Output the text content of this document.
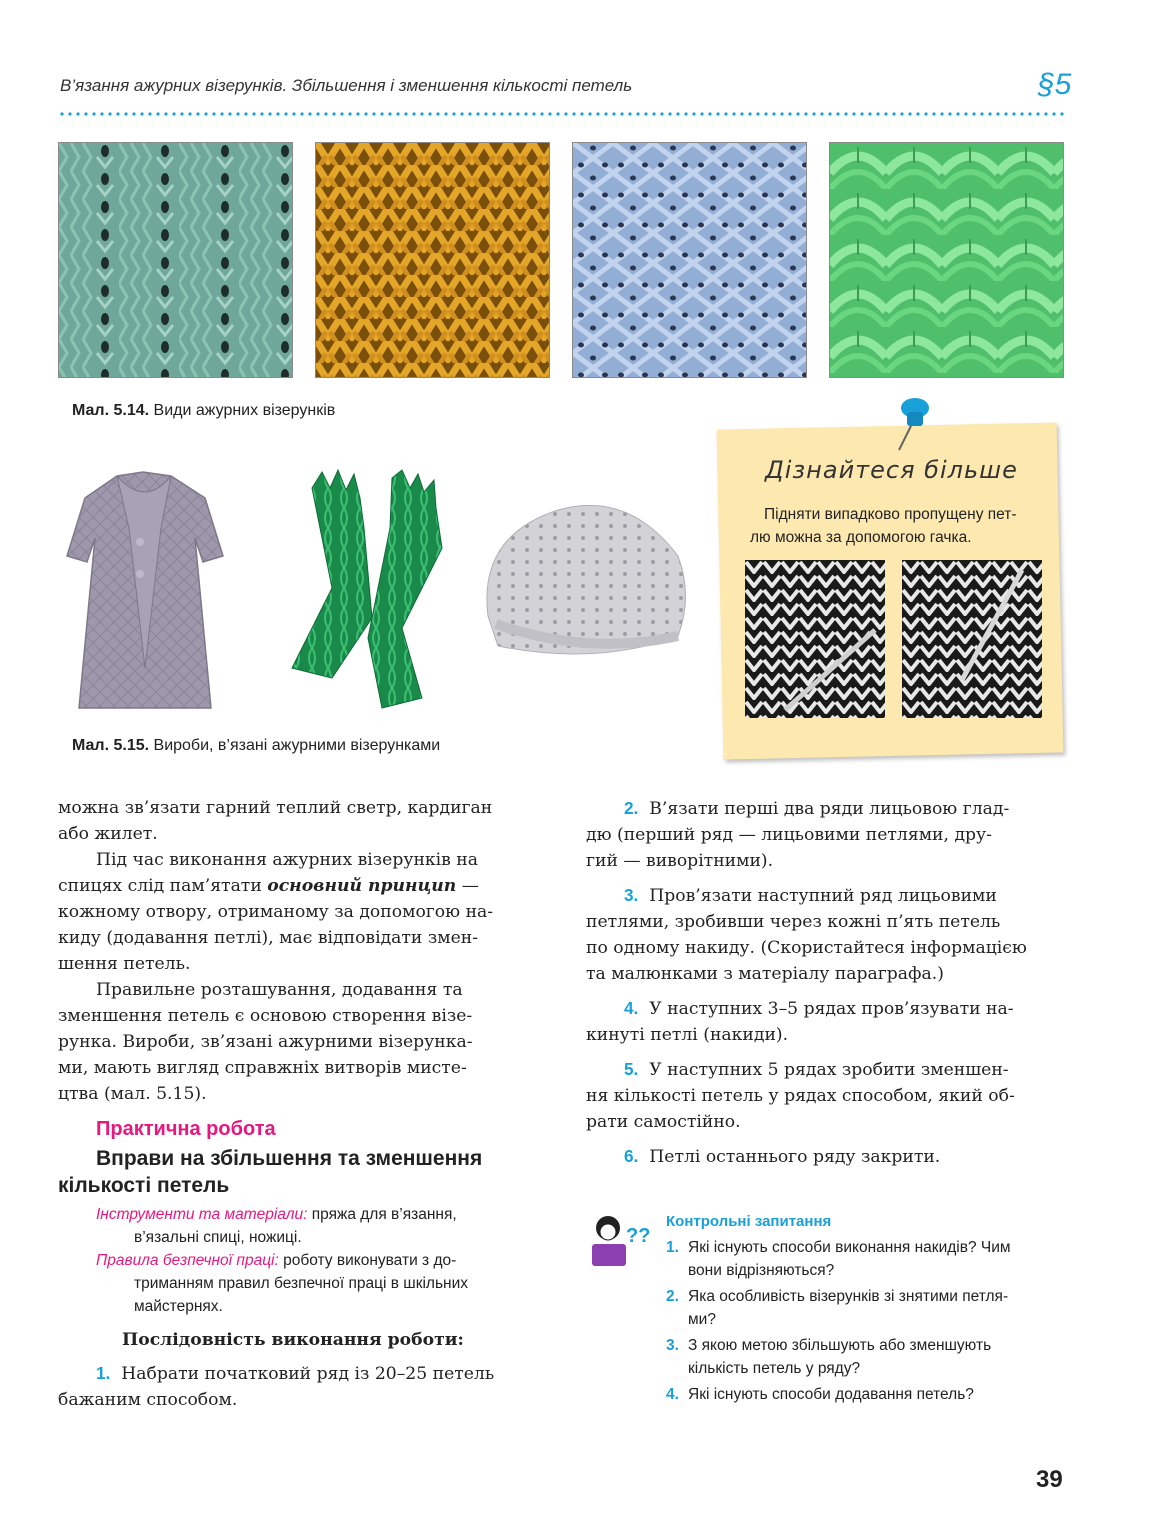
В’язання ажурних візерунків. Збільшення і зменшення кількості петель	§5
Мал. 5.14. Види ажурних візерунків
Мал. 5.15. Вироби, в’язані ажурними візерунками
Дізнайтеся більше
Підняти випадково пропущену пет-
лю можна за допомогою гачка.

можна зв’язати гарний теплий светр, кардиган

або жилет.

Під час виконання ажурних візерунків на

спицях слід пам’ятати основний принцип —

кожному отвору, отриманому за допомогою на-

киду (додавання петлі), має відповідати змен-

шення петель.

Правильне розташування, додавання та

зменшення петель є основою створення візе-

рунка. Вироби, зв’язані ажурними візерунка-

ми, мають вигляд справжніх витворів мисте-

цтва (мал. 5.15).

Практична робота
Вправи на збільшення та зменшення
кількості петель
Інструменти та матеріали: пряжа для в’язання,
в’язальні спиці, ножиці.
Правила безпечної праці: роботу виконувати з до-
триманням правил безпечної праці в шкільних
майстернях.
Послідовність виконання роботи:

1. Набрати початковий ряд із 20–25 петель

бажаним способом.

2. В’язати перші два ряди лицьовою глад-

дю (перший ряд — лицьовими петлями, дру-

гий — виворітними).

3. Пров’язати наступний ряд лицьовими

петлями, зробивши через кожні п’ять петель

по одному накиду. (Скористайтеся інформацією

та малюнками з матеріалу параграфа.)

4. У наступних 3–5 рядах пров’язувати на-

кинуті петлі (накиди).

5. У наступних 5 рядах зробити зменшен-

ня кількості петель у рядах способом, який об-

рати самостійно.

6. Петлі останнього ряду закрити.

??
Контрольні запитання
1. Які існують способи виконання накидів? Чим
вони відрізняються?
2. Яка особливість візерунків зі знятими петля-
ми?
3. З якою метою збільшують або зменшують
кількість петель у ряду?
4. Які існують способи додавання петель?
39
